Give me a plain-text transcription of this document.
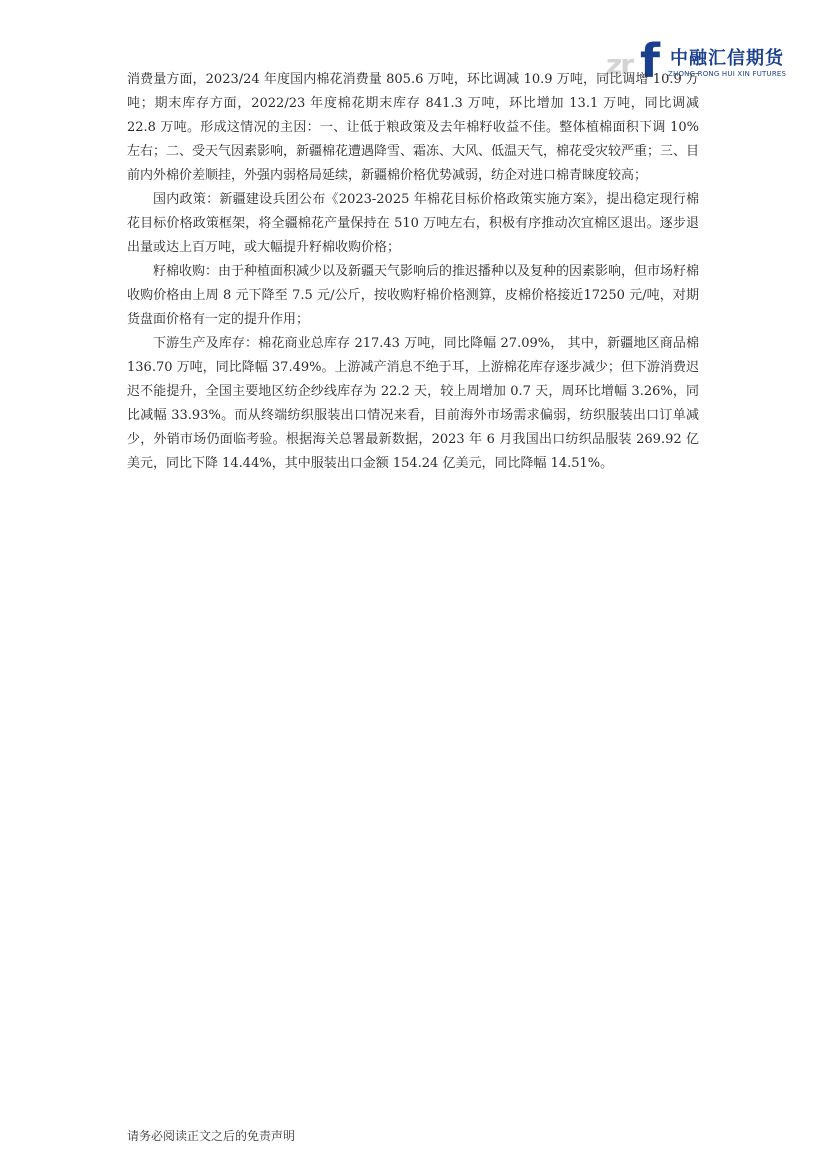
zr f 中融汇信期货
ZHONG RONG HUI XIN FUTURES

消费量方面，2023/24 年度国内棉花消费量 805.6 万吨，环比调减 10.9 万吨，同比调增 10.9 万吨；期末库存方面，2022/23 年度棉花期末库存 841.3 万吨，环比增加 13.1 万吨，同比调减 22.8 万吨。形成这情况的主因：一、让低于粮政策及去年棉籽收益不佳。整体植棉面积下调 10%左右；二、受天气因素影响，新疆棉花遭遇降雪、霜冻、大风、低温天气，棉花受灾较严重；三、目前内外棉价差顺挂，外强内弱格局延续，新疆棉价格优势减弱，纺企对进口棉青睐度较高；

国内政策：新疆建设兵团公布《2023-2025 年棉花目标价格政策实施方案》，提出稳定现行棉花目标价格政策框架，将全疆棉花产量保持在 510 万吨左右，积极有序推动次宜棉区退出。逐步退出量或达上百万吨，或大幅提升籽棉收购价格；

籽棉收购：由于种植面积减少以及新疆天气影响后的推迟播种以及复种的因素影响，但市场籽棉收购价格由上周 8 元下降至 7.5 元/公斤，按收购籽棉价格测算，皮棉价格接近17250 元/吨，对期货盘面价格有一定的提升作用；

下游生产及库存：棉花商业总库存 217.43 万吨，同比降幅 27.09%， 其中，新疆地区商品棉 136.70 万吨，同比降幅 37.49%。上游减产消息不绝于耳，上游棉花库存逐步减少；但下游消费迟迟不能提升，全国主要地区纺企纱线库存为 22.2 天，较上周增加 0.7 天，周环比增幅 3.26%，同比减幅 33.93%。而从终端纺织服装出口情况来看，目前海外市场需求偏弱，纺织服装出口订单减少，外销市场仍面临考验。根据海关总署最新数据，2023 年 6 月我国出口纺织品服装 269.92 亿美元，同比下降 14.44%，其中服装出口金额 154.24 亿美元，同比降幅 14.51%。

请务必阅读正文之后的免责声明
